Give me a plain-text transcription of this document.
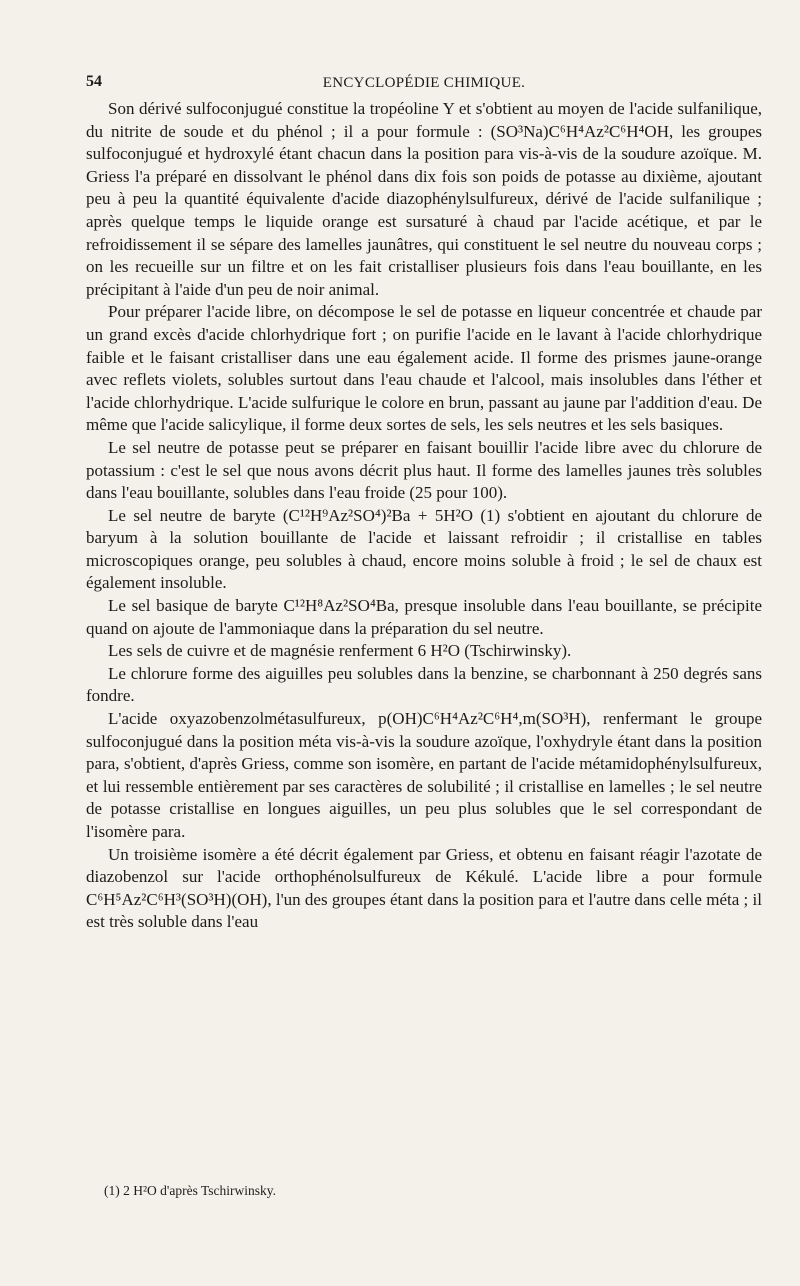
54	ENCYCLOPÉDIE CHIMIQUE.

Son dérivé sulfoconjugué constitue la tropéoline Y et s'obtient au moyen de l'acide sulfanilique, du nitrite de soude et du phénol ; il a pour formule : (SO³Na)C⁶H⁴Az²C⁶H⁴OH, les groupes sulfoconjugué et hydroxylé étant chacun dans la position para vis-à-vis de la soudure azoïque. M. Griess l'a préparé en dissolvant le phénol dans dix fois son poids de potasse au dixième, ajoutant peu à peu la quantité équivalente d'acide diazophénylsulfureux, dérivé de l'acide sulfanilique ; après quelque temps le liquide orange est sursaturé à chaud par l'acide acétique, et par le refroidissement il se sépare des lamelles jaunâtres, qui constituent le sel neutre du nouveau corps ; on les recueille sur un filtre et on les fait cristalliser plusieurs fois dans l'eau bouillante, en les précipitant à l'aide d'un peu de noir animal.

Pour préparer l'acide libre, on décompose le sel de potasse en liqueur concentrée et chaude par un grand excès d'acide chlorhydrique fort ; on purifie l'acide en le lavant à l'acide chlorhydrique faible et le faisant cristalliser dans une eau également acide. Il forme des prismes jaune-orange avec reflets violets, solubles surtout dans l'eau chaude et l'alcool, mais insolubles dans l'éther et l'acide chlorhydrique. L'acide sulfurique le colore en brun, passant au jaune par l'addition d'eau. De même que l'acide salicylique, il forme deux sortes de sels, les sels neutres et les sels basiques.

Le sel neutre de potasse peut se préparer en faisant bouillir l'acide libre avec du chlorure de potassium : c'est le sel que nous avons décrit plus haut. Il forme des lamelles jaunes très solubles dans l'eau bouillante, solubles dans l'eau froide (25 pour 100).

Le sel neutre de baryte (C¹²H⁹Az²SO⁴)²Ba + 5H²O (1) s'obtient en ajoutant du chlorure de baryum à la solution bouillante de l'acide et laissant refroidir ; il cristallise en tables microscopiques orange, peu solubles à chaud, encore moins soluble à froid ; le sel de chaux est également insoluble.

Le sel basique de baryte C¹²H⁸Az²SO⁴Ba, presque insoluble dans l'eau bouillante, se précipite quand on ajoute de l'ammoniaque dans la préparation du sel neutre.

Les sels de cuivre et de magnésie renferment 6 H²O (Tschirwinsky).

Le chlorure forme des aiguilles peu solubles dans la benzine, se charbonnant à 250 degrés sans fondre.

L'acide oxyazobenzolmétasulfureux, p(OH)C⁶H⁴Az²C⁶H⁴,m(SO³H), renfermant le groupe sulfoconjugué dans la position méta vis-à-vis la soudure azoïque, l'oxhydryle étant dans la position para, s'obtient, d'après Griess, comme son isomère, en partant de l'acide métamidophénylsulfureux, et lui ressemble entièrement par ses caractères de solubilité ; il cristallise en lamelles ; le sel neutre de potasse cristallise en longues aiguilles, un peu plus solubles que le sel correspondant de l'isomère para.

Un troisième isomère a été décrit également par Griess, et obtenu en faisant réagir l'azotate de diazobenzol sur l'acide orthophénolsulfureux de Kékulé. L'acide libre a pour formule C⁶H⁵Az²C⁶H³(SO³H)(OH), l'un des groupes étant dans la position para et l'autre dans celle méta ; il est très soluble dans l'eau

(1) 2 H²O d'après Tschirwinsky.
